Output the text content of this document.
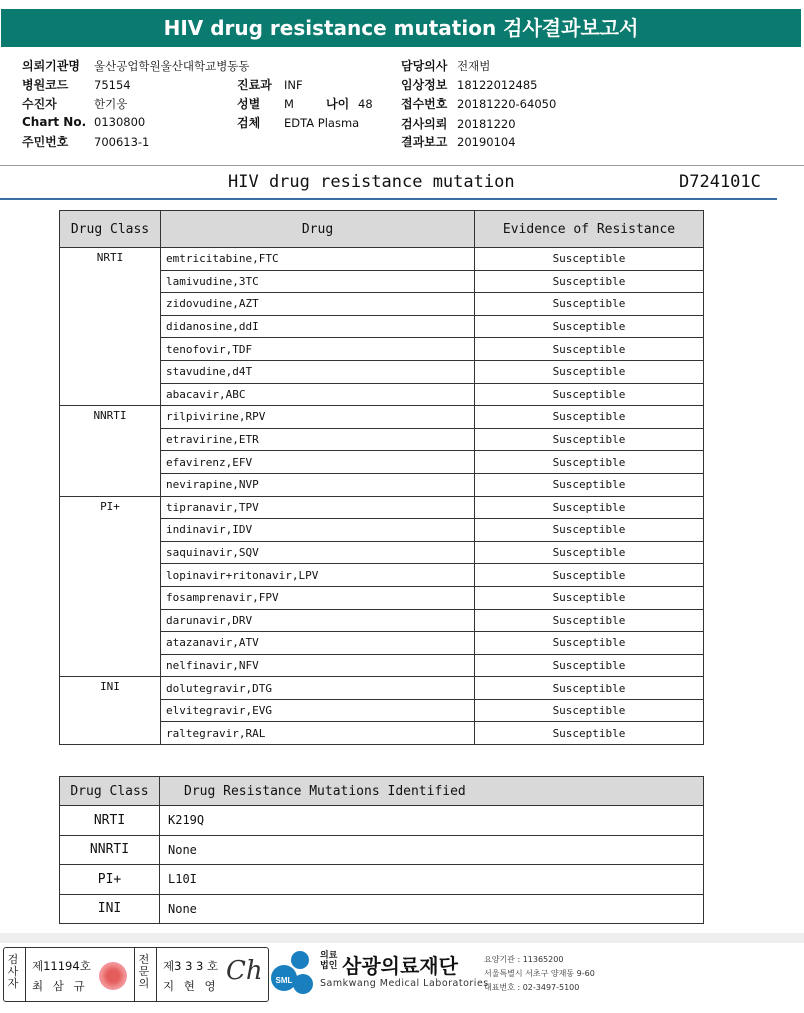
HIV drug resistance mutation 검사결과보고서
의뢰기관명 울산공업학원울산대학교병동동
병원코드 75154
수진자	한기웅
Chart No. 0130800
주민번호 700613-1
진료과 INF
성별 M	나이 48
검체 EDTA Plasma
담당의사 전재범
임상정보 18122012485
접수번호 20181220-64050
검사의뢰 20181220
결과보고 20190104
HIV drug resistance mutation	D724101C
Drug Class	Drug	Evidence of Resistance
NRTI	emtricitabine,FTC	Susceptible
	lamivudine,3TC	Susceptible
	zidovudine,AZT	Susceptible
	didanosine,ddI	Susceptible
	tenofovir,TDF	Susceptible
	stavudine,d4T	Susceptible
	abacavir,ABC	Susceptible
NNRTI	rilpivirine,RPV	Susceptible
	etravirine,ETR	Susceptible
	efavirenz,EFV	Susceptible
	nevirapine,NVP	Susceptible
PI+	tipranavir,TPV	Susceptible
	indinavir,IDV	Susceptible
	saquinavir,SQV	Susceptible
	lopinavir+ritonavir,LPV	Susceptible
	fosamprenavir,FPV	Susceptible
	darunavir,DRV	Susceptible
	atazanavir,ATV	Susceptible
	nelfinavir,NFV	Susceptible
INI	dolutegravir,DTG	Susceptible
	elvitegravir,EVG	Susceptible
	raltegravir,RAL	Susceptible
Drug Class	Drug Resistance Mutations Identified
NRTI	K219Q
NNRTI	None
PI+	L10I
INI	None
검
사
자
제11194호
최 삼 규
전
문
의
제3 3 3 호
지 현 영 Ch SML
의료
법인 삼광의료재단
Samkwang Medical Laboratories
요양기관 : 11365200
서울특별시 서초구 양재동 9-60
대표번호 : 02-3497-5100
